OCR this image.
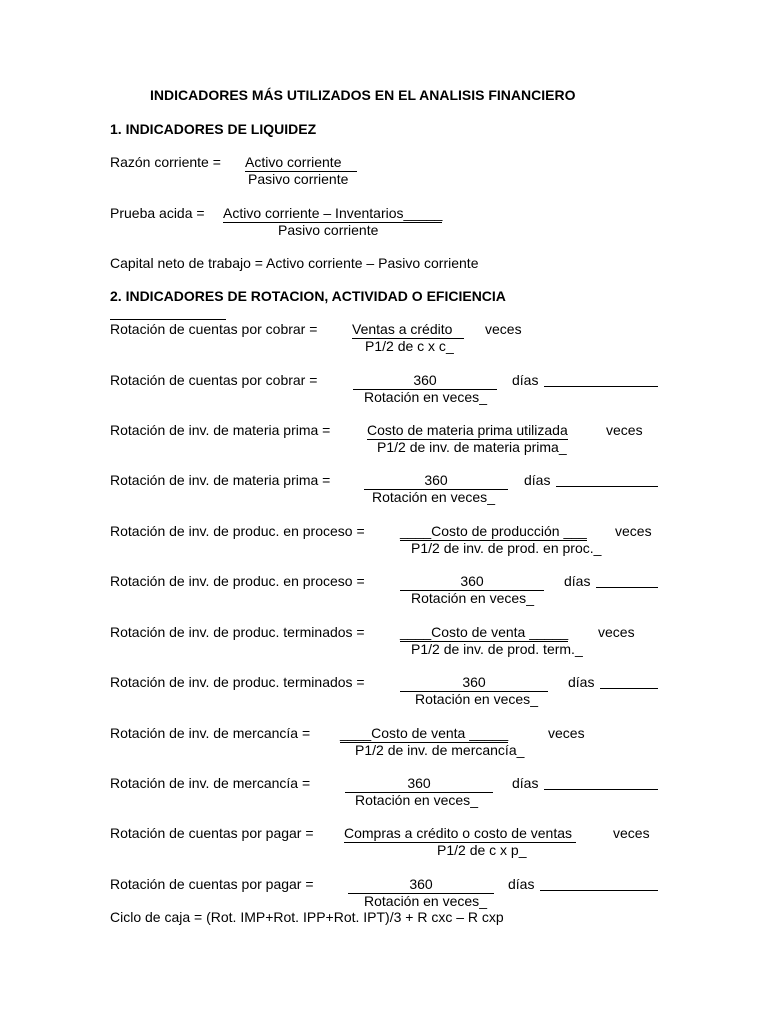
INDICADORES MÁS UTILIZADOS EN EL ANALISIS FINANCIERO
1. INDICADORES DE LIQUIDEZ
Razón corriente = Activo corriente
Pasivo corriente
Prueba acida = Activo corriente – Inventarios_____
Pasivo corriente
Capital neto de trabajo = Activo corriente – Pasivo corriente
2. INDICADORES DE ROTACION, ACTIVIDAD O EFICIENCIA
Rotación de cuentas por cobrar = Ventas a crédito	veces
P1/2 de c x c_
Rotación de cuentas por cobrar =	360	días
Rotación en veces_
Rotación de inv. de materia prima =	Costo de materia prima utilizada	veces
P1/2 de inv. de materia prima_
Rotación de inv. de materia prima =	360	días
Rotación en veces_
Rotación de inv. de produc. en proceso =	____Costo de producción ___ veces
P1/2 de inv. de prod. en proc._
Rotación de inv. de produc. en proceso =	360	días
Rotación en veces_
Rotación de inv. de produc. terminados =	____Costo de venta _____ veces
P1/2 de inv. de prod. term._
Rotación de inv. de produc. terminados =	360	días
Rotación en veces_
Rotación de inv. de mercancía = ____Costo de venta _____	veces
P1/2 de inv. de mercancía_
Rotación de inv. de mercancía =	360	días
Rotación en veces_
Rotación de cuentas por pagar = Compras a crédito o costo de ventas	veces
P1/2 de c x p_
Rotación de cuentas por pagar =	360	días
Rotación en veces_
Ciclo de caja = (Rot. IMP+Rot. IPP+Rot. IPT)/3 + R cxc – R cxp
